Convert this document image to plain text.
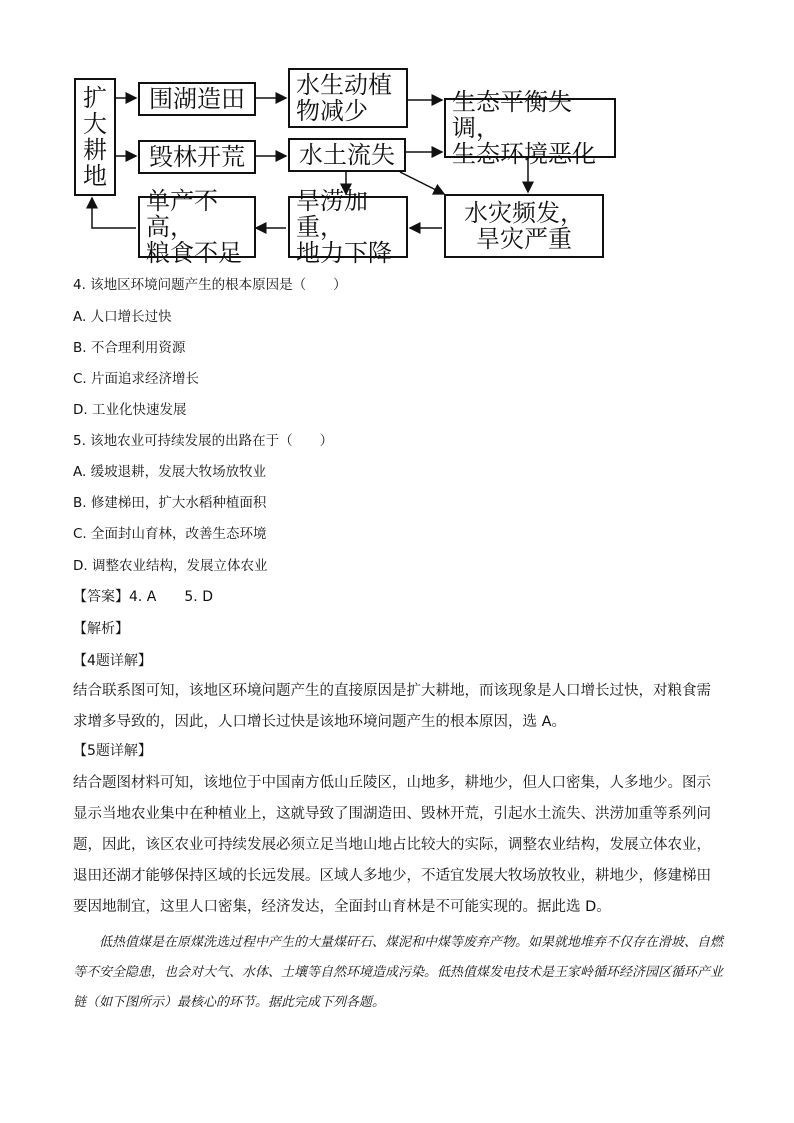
扩
大
耕
地
围湖造田	水生动植
物减少	生态平衡失调，
生态环境恶化
毁林开荒	水土流失
单产不高，
粮食不足
旱涝加重，
地力下降
水灾频发，
旱灾严重
4. 该地区环境问题产生的根本原因是（　　）
A. 人口增长过快
B. 不合理利用资源
C. 片面追求经济增长
D. 工业化快速发展
5. 该地农业可持续发展的出路在于（　　）
A. 缓坡退耕，发展大牧场放牧业
B. 修建梯田，扩大水稻种植面积
C. 全面封山育林，改善生态环境
D. 调整农业结构，发展立体农业
【答案】4. A　　5. D
【解析】
【4题详解】
结合联系图可知，该地区环境问题产生的直接原因是扩大耕地，而该现象是人口增长过快，对粮食需求增多导致的，因此，人口增长过快是该地环境问题产生的根本原因，选 A。
【5题详解】
结合题图材料可知，该地位于中国南方低山丘陵区，山地多，耕地少，但人口密集，人多地少。图示显示当地农业集中在种植业上，这就导致了围湖造田、毁林开荒，引起水土流失、洪涝加重等系列问题，因此，该区农业可持续发展必须立足当地山地占比较大的实际，调整农业结构，发展立体农业，退田还湖才能够保持区域的长远发展。区域人多地少，不适宜发展大牧场放牧业，耕地少，修建梯田要因地制宜，这里人口密集，经济发达，全面封山育林是不可能实现的。据此选 D。
　　低热值煤是在原煤洗选过程中产生的大量煤矸石、煤泥和中煤等废弃产物。如果就地堆弃不仅存在滑坡、自燃等不安全隐患，也会对大气、水体、土壤等自然环境造成污染。低热值煤发电技术是王家岭循环经济园区循环产业链（如下图所示）最核心的环节。据此完成下列各题。
